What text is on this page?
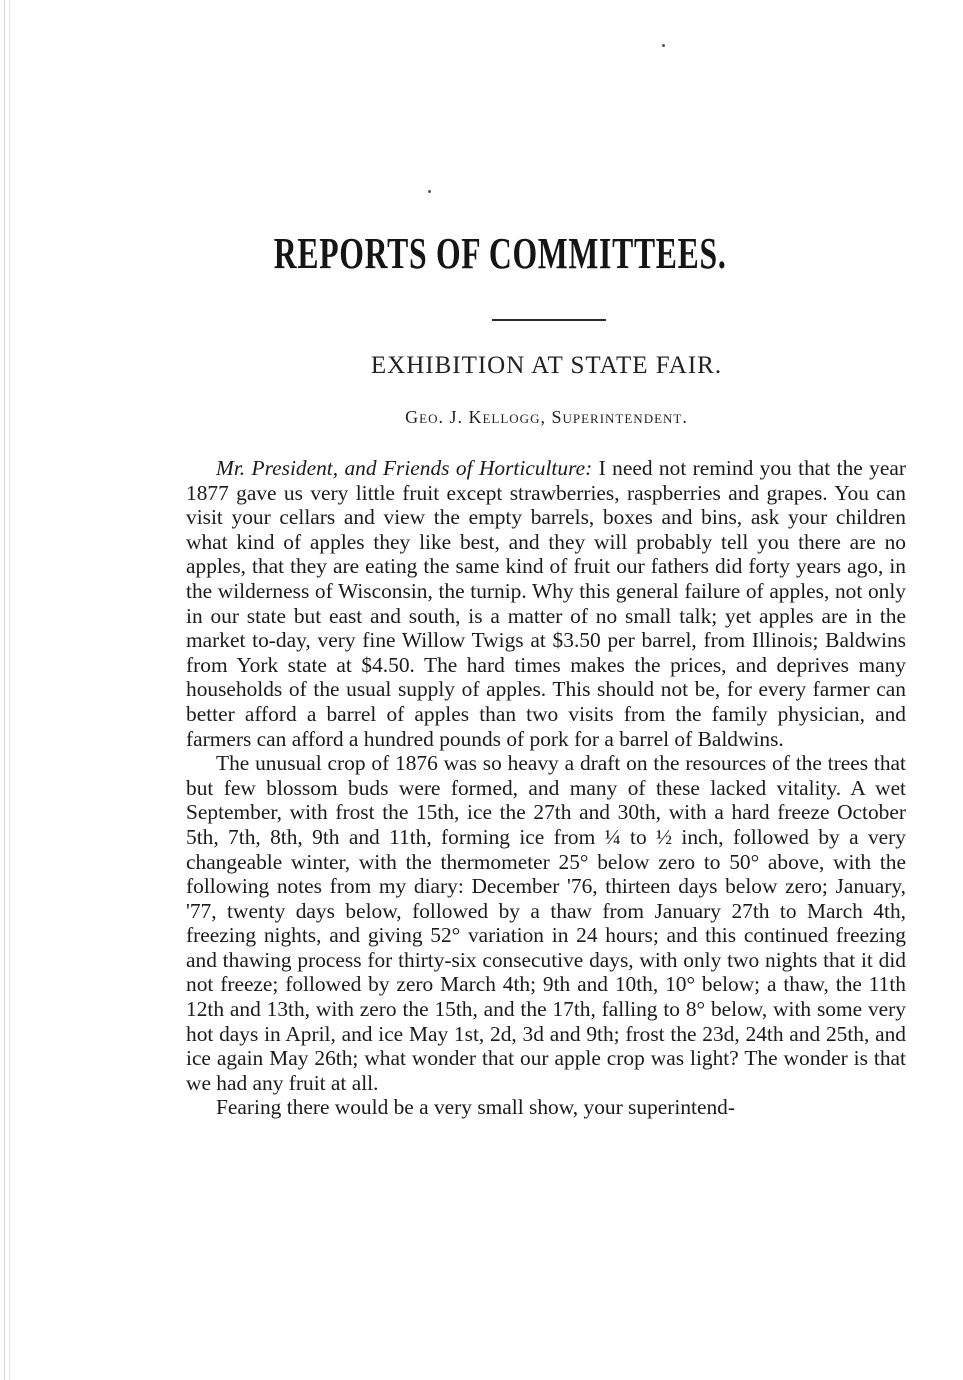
REPORTS OF COMMITTEES.
EXHIBITION AT STATE FAIR.
Geo. J. Kellogg, Superintendent.

Mr. President, and Friends of Horticulture: I need not remind you that the year 1877 gave us very little fruit except strawberries, raspberries and grapes. You can visit your cellars and view the empty barrels, boxes and bins, ask your children what kind of apples they like best, and they will probably tell you there are no apples, that they are eating the same kind of fruit our fathers did forty years ago, in the wilderness of Wisconsin, the turnip. Why this general failure of apples, not only in our state but east and south, is a matter of no small talk; yet apples are in the market to-day, very fine Willow Twigs at $3.50 per barrel, from Illinois; Baldwins from York state at $4.50. The hard times makes the prices, and deprives many households of the usual supply of apples. This should not be, for every farmer can better afford a barrel of apples than two visits from the family physician, and farmers can afford a hundred pounds of pork for a barrel of Baldwins.

The unusual crop of 1876 was so heavy a draft on the resources of the trees that but few blossom buds were formed, and many of these lacked vitality. A wet September, with frost the 15th, ice the 27th and 30th, with a hard freeze October 5th, 7th, 8th, 9th and 11th, forming ice from ¼ to ½ inch, followed by a very changeable winter, with the thermometer 25° below zero to 50° above, with the following notes from my diary: December '76, thirteen days below zero; January, '77, twenty days below, followed by a thaw from January 27th to March 4th, freezing nights, and giving 52° variation in 24 hours; and this continued freezing and thawing process for thirty-six consecutive days, with only two nights that it did not freeze; followed by zero March 4th; 9th and 10th, 10° below; a thaw, the 11th 12th and 13th, with zero the 15th, and the 17th, falling to 8° below, with some very hot days in April, and ice May 1st, 2d, 3d and 9th; frost the 23d, 24th and 25th, and ice again May 26th; what wonder that our apple crop was light? The wonder is that we had any fruit at all.

Fearing there would be a very small show, your superintend-
